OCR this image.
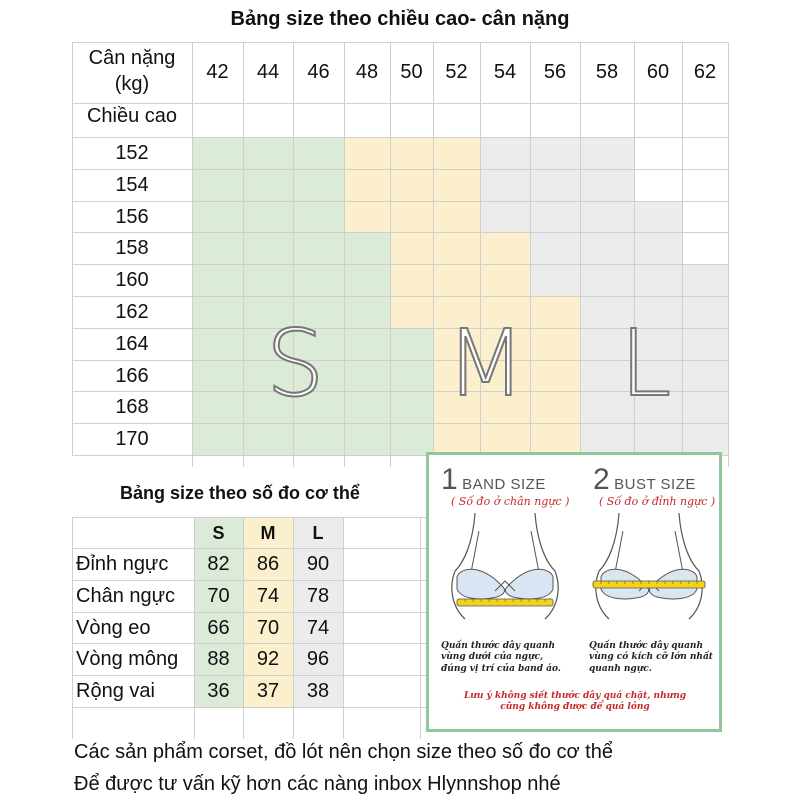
Bảng size theo chiều cao- cân nặng
Cân nặng
(kg)
Chiều cao
42	44	46	48	50	52	54	56	58	60	62
152
154
156
158
160
162
164
166
168
170
S M L
Bảng size theo số đo cơ thể
S	M	L
Đỉnh ngực	82	86	90
Chân ngực	70	74	78
Vòng eo	66	70	74
Vòng mông	88	92	96
Rộng vai	36	37	38
1 BAND SIZE
( Số đo ở chân ngực )
2 BUST SIZE
( Số đo ở đỉnh ngực )
Quấn thước dây quanh
vùng dưới của ngực,
đúng vị trí của band áo.
Quấn thước dây quanh
vùng có kích cỡ lớn nhất
quanh ngực.
Lưu ý không siết thước dây quá chặt, nhưng
cũng không được để quá lỏng
Các sản phẩm corset, đồ lót nên chọn size theo số đo cơ thể
Để được tư vấn kỹ hơn các nàng inbox Hlynnshop nhé
